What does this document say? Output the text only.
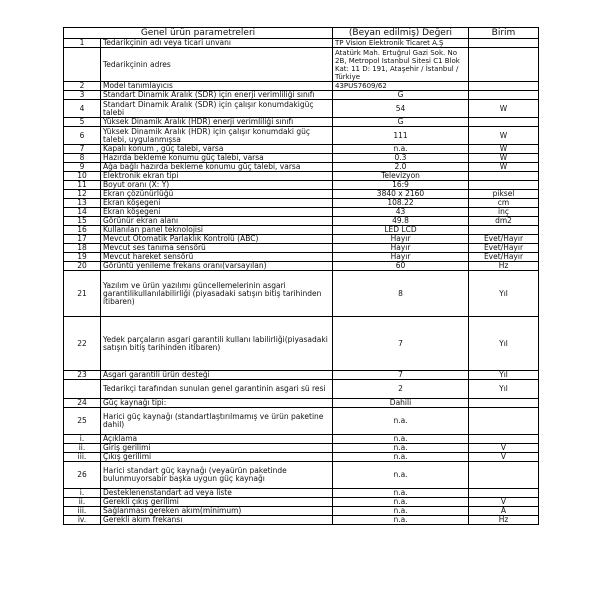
Genel ürün parametreleri		(Beyan edilmiş) Değeri	Birim
1	Tedarikçinin adı veya ticari unvanı	TP Vision Elektronik Ticaret A.Ş	
	Tedarikçinin adres	Atatürk Mah. Ertuğrul Gazi Sok. No 2B, Metropol Istanbul Sitesi C1 Blok Kat: 11 D: 191, Ataşehir / İstanbul / Türkiye	
2	Model tanımlayıcıs	43PUS7609/62	
3	Standart Dinamik Aralık (SDR) için enerji verimliliği sınıfı	G	
4	Standart Dinamik Aralık (SDR) için çalışır konumdakigüç talebi	54	W
5	Yüksek Dinamik Aralık (HDR) enerji verimliliği sınıfı	G	
6	Yüksek Dinamik Aralık (HDR) için çalışır konumdaki güç talebi, uygulanmışsa	111	W
7	Kapalı konum , güç talebi, varsa	n.a.	W
8	Hazırda bekleme konumu güç talebi, varsa	0.3	W
9	Ağa bağlı hazırda bekleme konumu güç talebi, varsa	2.0	W
10	Elektronik ekran tipi	Televizyon	
11	Boyut oranı (X: Y)	16:9	
12	Ekran çözünürlüğü	3840 x 2160	piksel
13	Ekran köşegeni	108.22	cm
14	Ekran köşegeni	43	inç
15	Görünür ekran alanı	49.8	dm2
16	Kullanılan panel teknolojisi	LED LCD	
17	Mevcut Otomatik Parlaklık Kontrolü (ABC)	Hayır	Evet/Hayır
18	Mevcut ses tanıma sensörü	Hayır	Evet/Hayır
19	Mevcut hareket sensörü	Hayır	Evet/Hayır
20	Görüntü yenileme frekans oranı(varsayılan)	60	Hz
21	Yazılım ve ürün yazılımı güncellemelerinin asgari garantilikullanılabilirliği (piyasadaki satışın bitiş tarihinden itibaren)	8	Yıl
22	Yedek parçaların asgari garantili kullanı labilirliği(piyasadaki satışın bitiş tarihinden itibaren)	7	Yıl
23	Asgari garantili ürün desteği	7	Yıl
	Tedarikçi tarafından sunulan genel garantinin asgari sü resi	2	Yıl
24	Güç kaynağı tipi:	Dahili	
25	Harici güç kaynağı (standartlaştırılmamış ve ürün paketine dahil)	n.a.	
i.	Açıklama	n.a.	
ii.	Giriş gerilimi	n.a.	V
iii.	Çıkış gerilimi	n.a.	V
26	Harici standart güç kaynağı (veyaürün paketinde bulunmuyorsabir başka uygun güç kaynağı	n.a.	
i.	Desteklenenstandart ad veya liste	n.a.	
ii.	Gerekli çıkış gerilimi	n.a.	V
iii.	Sağlanması gereken akım(minimum)	n.a.	A
iv.	Gerekli akım frekansı	n.a.	Hz
